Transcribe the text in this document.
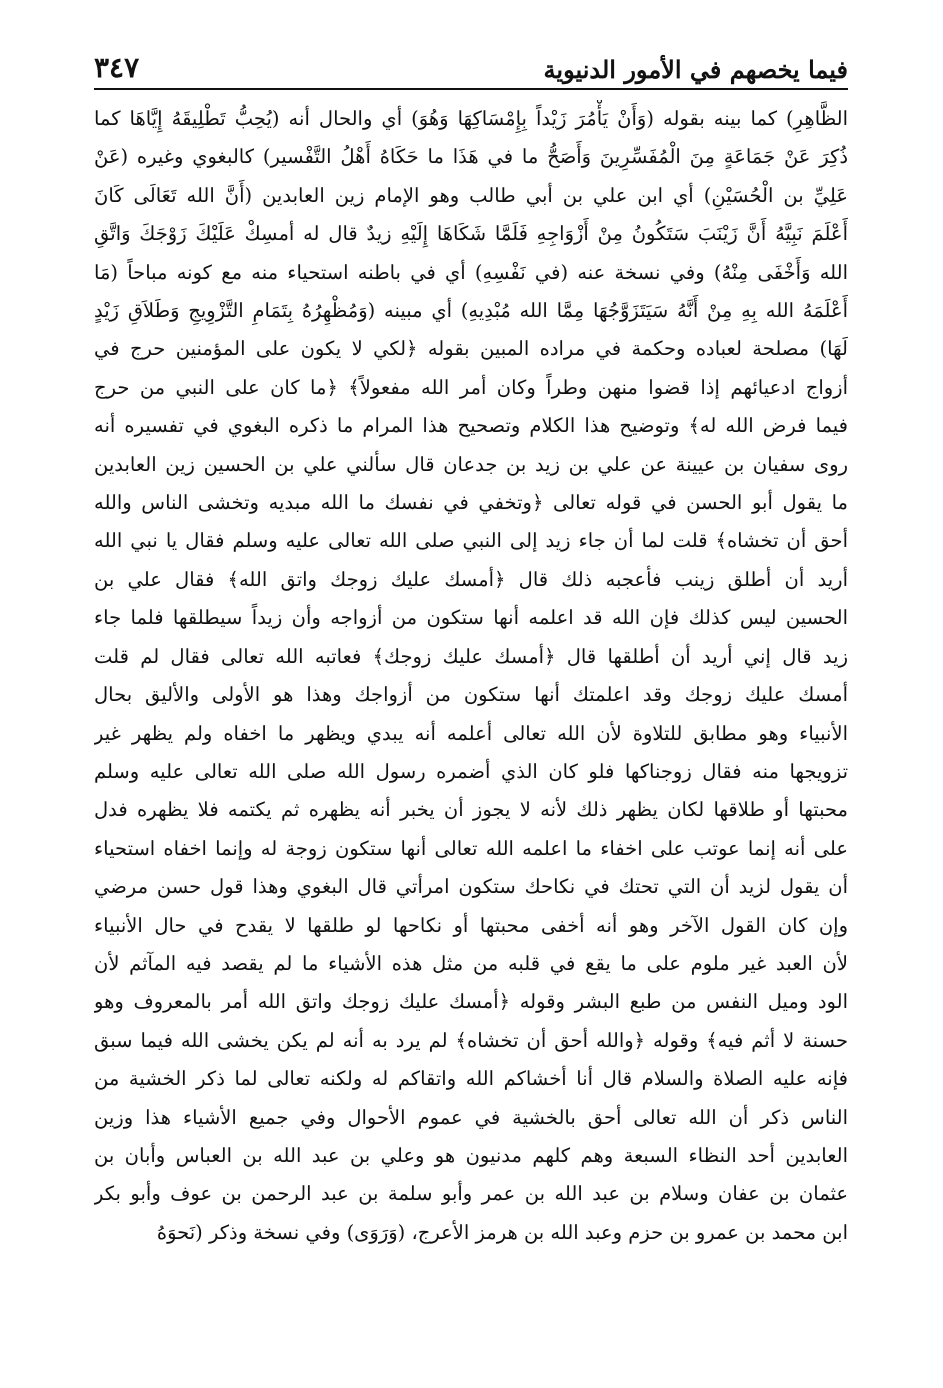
فيما يخصهم في الأمور الدنيوية
٣٤٧
الظَّاهِرِ) كما بينه بقوله (وَأَنْ يَأْمُرَ زَيْداً بِإِمْسَاكِهَا وَهُوَ) أي والحال أنه (يُحِبُّ تَطْلِيقَهُ إِيَّاهَا كما
ذُكِرَ عَنْ جَمَاعَةٍ مِنَ الْمُفَسِّرِينَ وَأَصَحُّ ما في هَذَا ما حَكَاهُ أَهْلُ التَّفْسير) كالبغوي وغيره (عَنْ
عَلِيِّ بن الْحُسَيْنِ) أي ابن علي بن أبي طالب وهو الإمام زين العابدين (أَنَّ الله تَعَالَى كَانَ
أَعْلَمَ نَبِيَّهُ أَنَّ زَيْنَبَ سَتَكُونُ مِنْ أَزْوَاجِهِ فَلَمَّا شَكَاهَا إِلَيْهِ زيدٌ قال له أمسِكْ عَلَيْكَ زَوْجَكَ وَاتَّقِ
الله وَأَخْفَى مِنْهُ) وفي نسخة عنه (في نَفْسِهِ) أي في باطنه استحياء منه مع كونه مباحاً (مَا
أَعْلَمَهُ الله بِهِ مِنْ أَنَّهُ سَيَتَزَوَّجُهَا مِمَّا الله مُبْدِيهِ) أي مبينه (وَمُظْهِرُهُ بِتَمَامِ التَّزْوِيجِ وَطَلاَقِ زَيْدٍ
لَهَا) مصلحة لعباده وحكمة في مراده المبين بقوله ﴿لكي لا يكون على المؤمنين حرج في
أزواج ادعيائهم إذا قضوا منهن وطراً وكان أمر الله مفعولاً﴾ ﴿ما كان على النبي من حرج
فيما فرض الله له﴾ وتوضيح هذا الكلام وتصحيح هذا المرام ما ذكره البغوي في تفسيره أنه
روى سفيان بن عيينة عن علي بن زيد بن جدعان قال سألني علي بن الحسين زين العابدين
ما يقول أبو الحسن في قوله تعالى ﴿وتخفي في نفسك ما الله مبديه وتخشى الناس والله
أحق أن تخشاه﴾ قلت لما أن جاء زيد إلى النبي صلى الله تعالى عليه وسلم فقال يا نبي الله
أريد أن أطلق زينب فأعجبه ذلك قال ﴿أمسك عليك زوجك واتق الله﴾ فقال علي بن
الحسين ليس كذلك فإن الله قد اعلمه أنها ستكون من أزواجه وأن زيداً سيطلقها فلما جاء
زيد قال إني أريد أن أطلقها قال ﴿أمسك عليك زوجك﴾ فعاتبه الله تعالى فقال لم قلت
أمسك عليك زوجك وقد اعلمتك أنها ستكون من أزواجك وهذا هو الأولى والأليق بحال
الأنبياء وهو مطابق للتلاوة لأن الله تعالى أعلمه أنه يبدي ويظهر ما اخفاه ولم يظهر غير
تزويجها منه فقال زوجناكها فلو كان الذي أضمره رسول الله صلى الله تعالى عليه وسلم
محبتها أو طلاقها لكان يظهر ذلك لأنه لا يجوز أن يخبر أنه يظهره ثم يكتمه فلا يظهره فدل
على أنه إنما عوتب على اخفاء ما اعلمه الله تعالى أنها ستكون زوجة له وإنما اخفاه استحياء
أن يقول لزيد أن التي تحتك في نكاحك ستكون امرأتي قال البغوي وهذا قول حسن مرضي
وإن كان القول الآخر وهو أنه أخفى محبتها أو نكاحها لو طلقها لا يقدح في حال الأنبياء
لأن العبد غير ملوم على ما يقع في قلبه من مثل هذه الأشياء ما لم يقصد فيه المآثم لأن
الود وميل النفس من طبع البشر وقوله ﴿أمسك عليك زوجك واتق الله أمر بالمعروف وهو
حسنة لا أثم فيه﴾ وقوله ﴿والله أحق أن تخشاه﴾ لم يرد به أنه لم يكن يخشى الله فيما سبق
فإنه عليه الصلاة والسلام قال أنا أخشاكم الله واتقاكم له ولكنه تعالى لما ذكر الخشية من
الناس ذكر أن الله تعالى أحق بالخشية في عموم الأحوال وفي جميع الأشياء هذا وزين
العابدين أحد النظاء السبعة وهم كلهم مدنيون هو وعلي بن عبد الله بن العباس وأبان بن
عثمان بن عفان وسلام بن عبد الله بن عمر وأبو سلمة بن عبد الرحمن بن عوف وأبو بكر
ابن محمد بن عمرو بن حزم وعبد الله بن هرمز الأعرج، (وَرَوَى) وفي نسخة وذكر (نَحوَهُ
